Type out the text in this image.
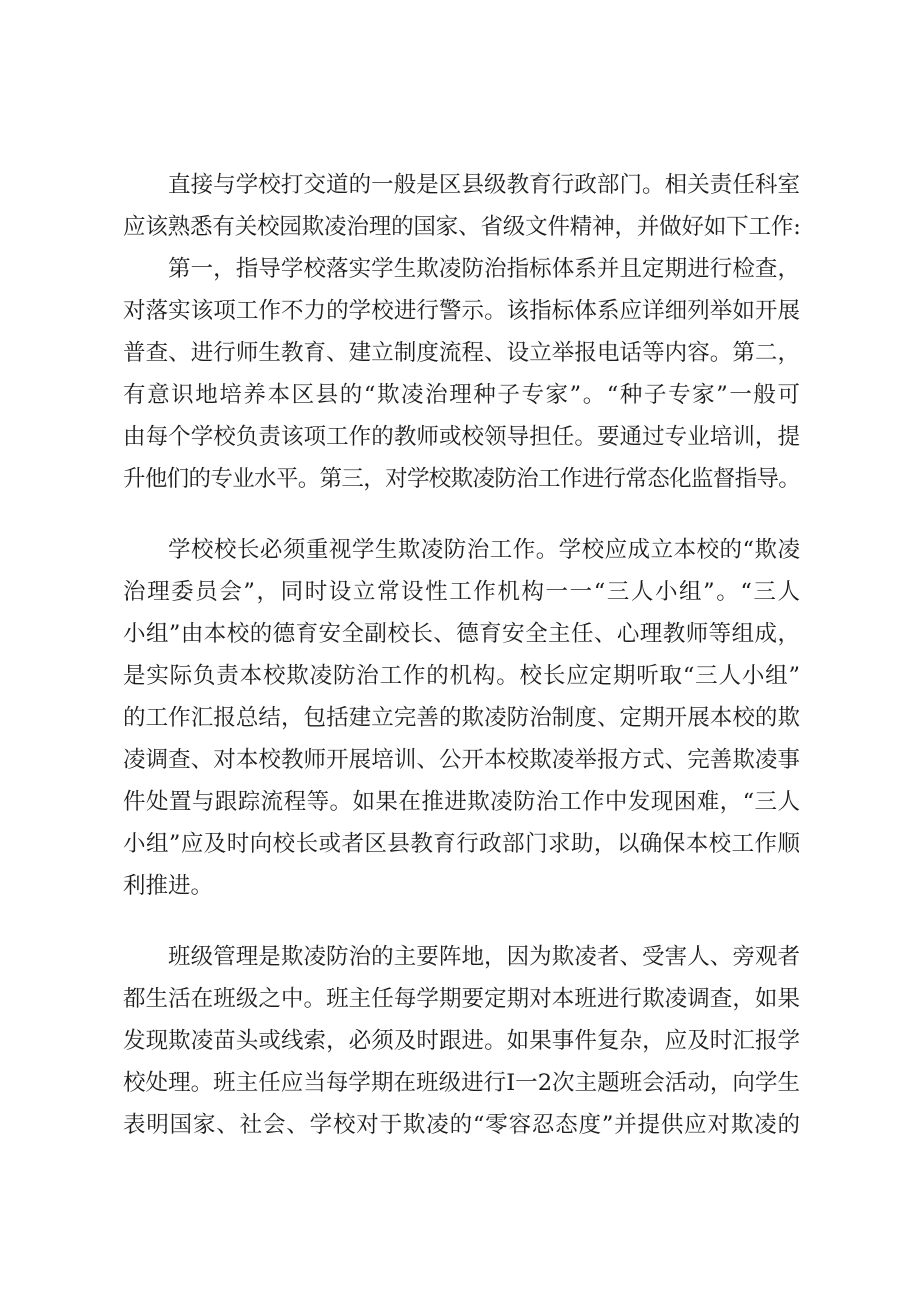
直接与学校打交道的一般是区县级教育行政部门。相关责任科室
应该熟悉有关校园欺凌治理的国家、省级文件精神，并做好如下工作:
第一，指导学校落实学生欺凌防治指标体系并且定期进行检查，
对落实该项工作不力的学校进行警示。该指标体系应详细列举如开展
普查、进行师生教育、建立制度流程、设立举报电话等内容。第二，
有意识地培养本区县的“欺凌治理种子专家”。“种子专家”一般可
由每个学校负责该项工作的教师或校领导担任。要通过专业培训，提
升他们的专业水平。第三，对学校欺凌防治工作进行常态化监督指导。
学校校长必须重视学生欺凌防治工作。学校应成立本校的“欺凌
治理委员会”，同时设立常设性工作机构一一“三人小组”。“三人
小组”由本校的德育安全副校长、德育安全主任、心理教师等组成，
是实际负责本校欺凌防治工作的机构。校长应定期听取“三人小组”
的工作汇报总结，包括建立完善的欺凌防治制度、定期开展本校的欺
凌调查、对本校教师开展培训、公开本校欺凌举报方式、完善欺凌事
件处置与跟踪流程等。如果在推进欺凌防治工作中发现困难，“三人
小组”应及时向校长或者区县教育行政部门求助，以确保本校工作顺
利推进。
班级管理是欺凌防治的主要阵地，因为欺凌者、受害人、旁观者
都生活在班级之中。班主任每学期要定期对本班进行欺凌调查，如果
发现欺凌苗头或线索，必须及时跟进。如果事件复杂，应及时汇报学
校处理。班主任应当每学期在班级进行I一2次主题班会活动，向学生
表明国家、社会、学校对于欺凌的“零容忍态度”并提供应对欺凌的
